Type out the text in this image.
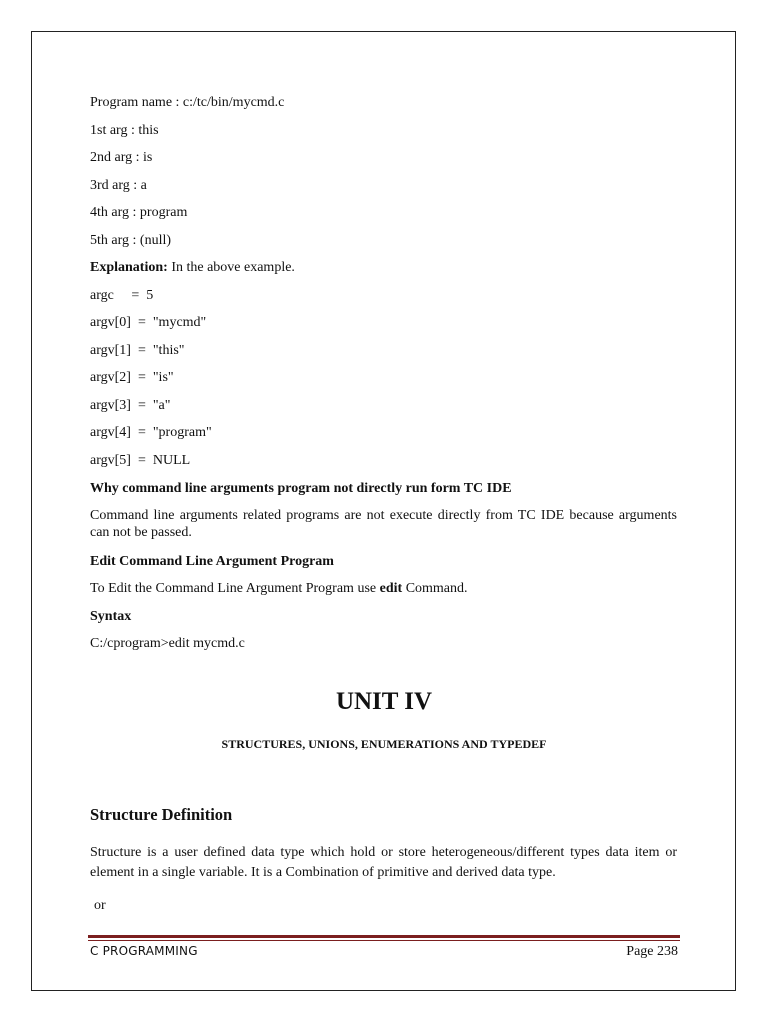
Program name : c:/tc/bin/mycmd.c
1st arg : this
2nd arg : is
3rd arg : a
4th arg : program
5th arg : (null)
Explanation: In the above example.
argc     =  5
argv[0]  =  "mycmd"
argv[1]  =  "this"
argv[2]  =  "is"
argv[3]  =  "a"
argv[4]  =  "program"
argv[5]  =  NULL
Why command line arguments program not directly run form TC IDE
Command line arguments related programs are not execute directly from TC IDE because arguments can not be passed.
Edit Command Line Argument Program
To Edit the Command Line Argument Program use edit Command.
Syntax
C:/cprogram>edit mycmd.c
UNIT IV
STRUCTURES, UNIONS, ENUMERATIONS AND TYPEDEF
Structure Definition
Structure is a user defined data type which hold or store heterogeneous/different types data item or element in a single variable. It is a Combination of primitive and derived data type.
or
C PROGRAMMING	Page 238
